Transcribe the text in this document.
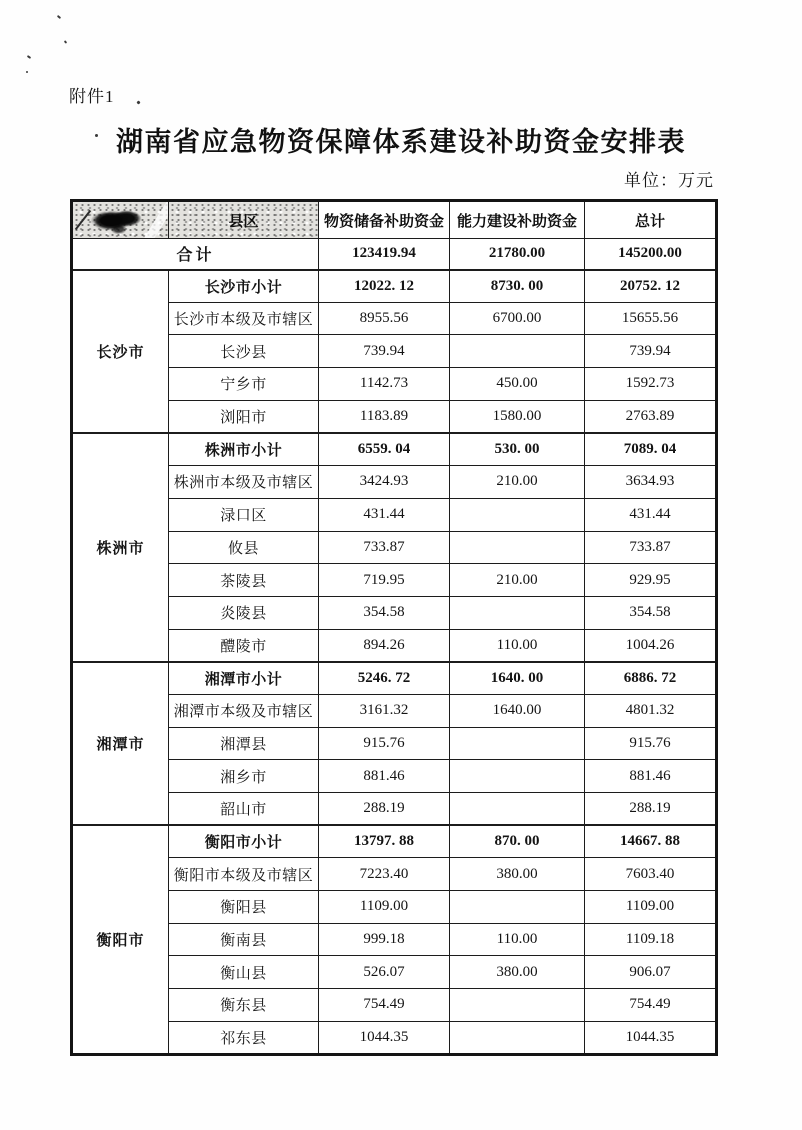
附件1
湖南省应急物资保障体系建设补助资金安排表
单位：万元
	县区	物资储备补助资金	能力建设补助资金	总计
合计		123419.94	21780.00	145200.00
长沙市	长沙市小计	12022. 12	8730. 00	20752. 12
	长沙市本级及市辖区	8955.56	6700.00	15655.56
	长沙县	739.94		739.94
	宁乡市	1142.73	450.00	1592.73
	浏阳市	1183.89	1580.00	2763.89
株洲市	株洲市小计	6559. 04	530. 00	7089. 04
	株洲市本级及市辖区	3424.93	210.00	3634.93
	渌口区	431.44		431.44
	攸县	733.87		733.87
	茶陵县	719.95	210.00	929.95
	炎陵县	354.58		354.58
	醴陵市	894.26	110.00	1004.26
湘潭市	湘潭市小计	5246. 72	1640. 00	6886. 72
	湘潭市本级及市辖区	3161.32	1640.00	4801.32
	湘潭县	915.76		915.76
	湘乡市	881.46		881.46
	韶山市	288.19		288.19
衡阳市	衡阳市小计	13797. 88	870. 00	14667. 88
	衡阳市本级及市辖区	7223.40	380.00	7603.40
	衡阳县	1109.00		1109.00
	衡南县	999.18	110.00	1109.18
	衡山县	526.07	380.00	906.07
	衡东县	754.49		754.49
	祁东县	1044.35		1044.35
